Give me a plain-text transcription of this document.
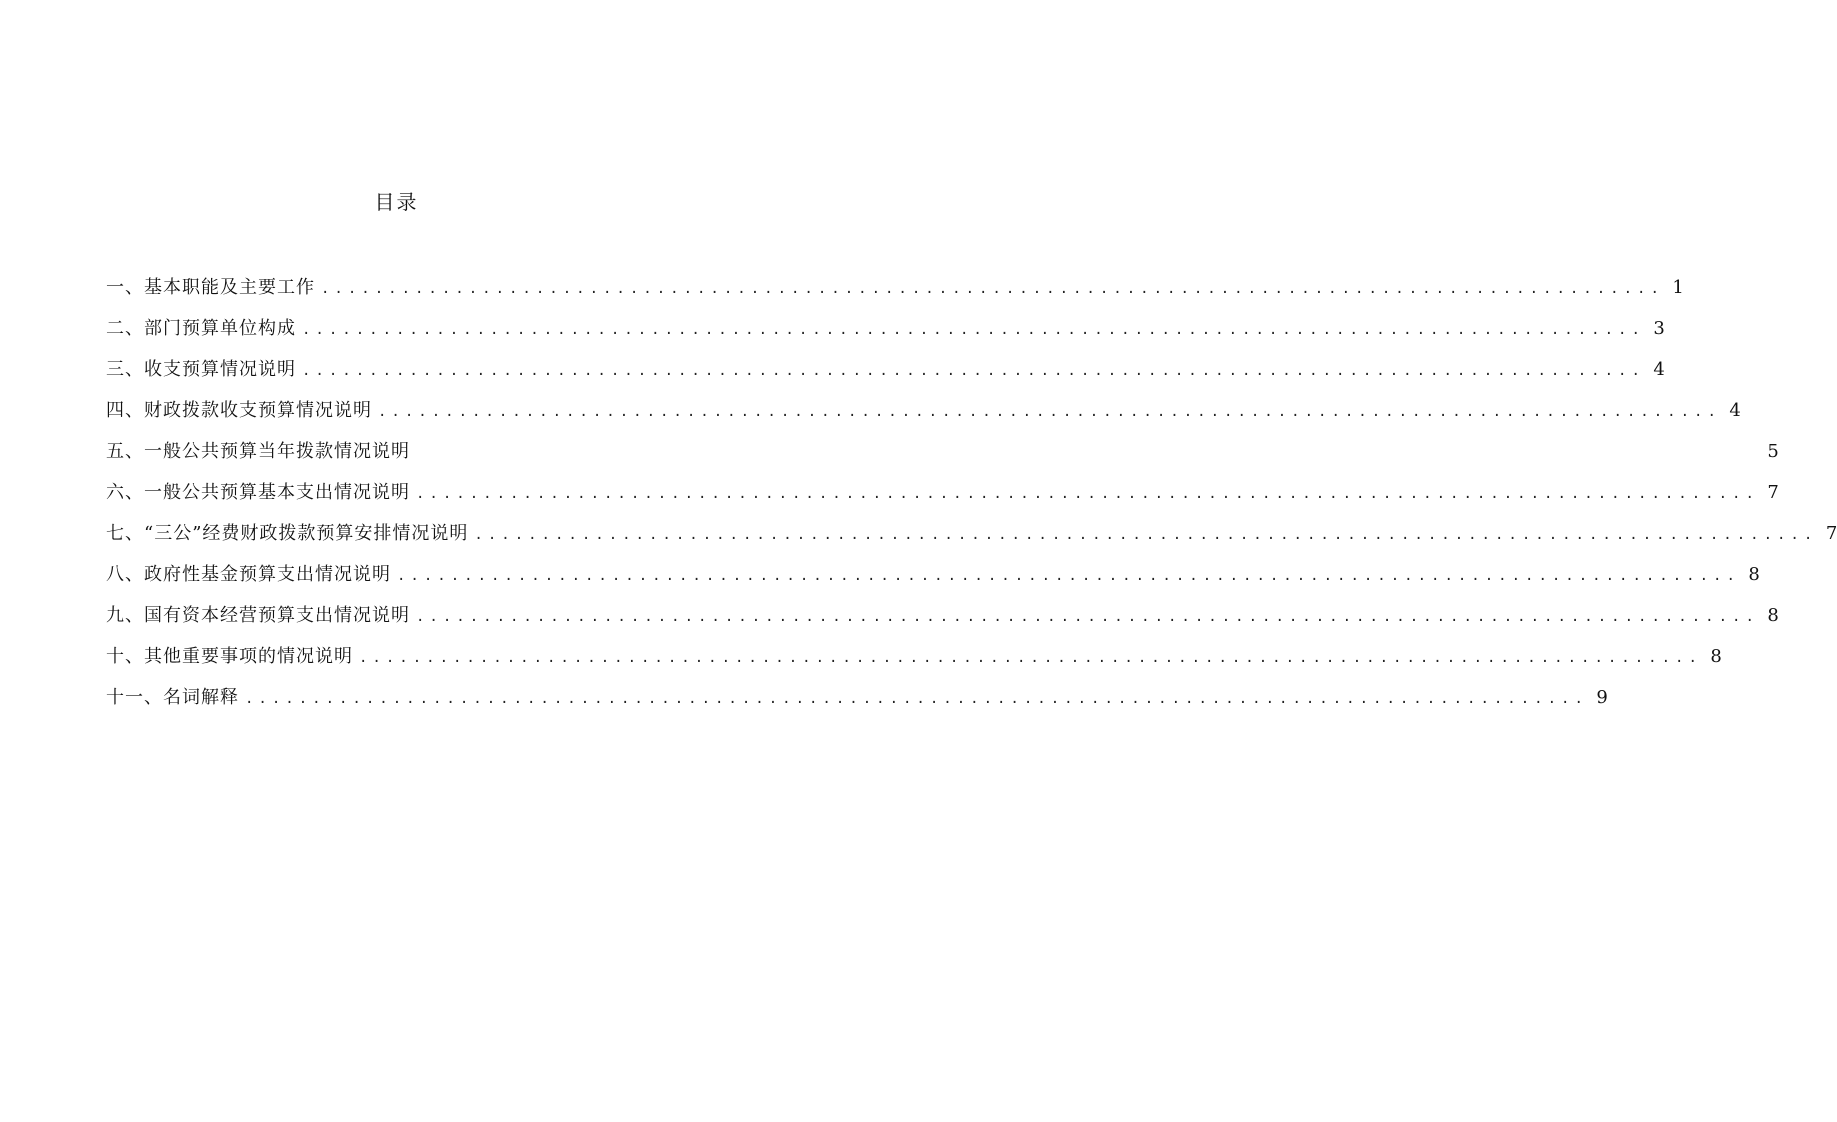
目录
一、基本职能及主要工作 .................................................................................................... 1
二、部门预算单位构成 .................................................................................................... 3
三、收支预算情况说明 .................................................................................................... 4
四、财政拨款收支预算情况说明 .................................................................................................... 4
五、一般公共预算当年拨款情况说明	5
六、一般公共预算基本支出情况说明 .................................................................................................... 7
七、“三公”经费财政拨款预算安排情况说明 .................................................................................................... 7
八、政府性基金预算支出情况说明 .................................................................................................... 8
九、国有资本经营预算支出情况说明 .................................................................................................... 8
十、其他重要事项的情况说明 .................................................................................................... 8
十一、名词解释 .................................................................................................... 9
